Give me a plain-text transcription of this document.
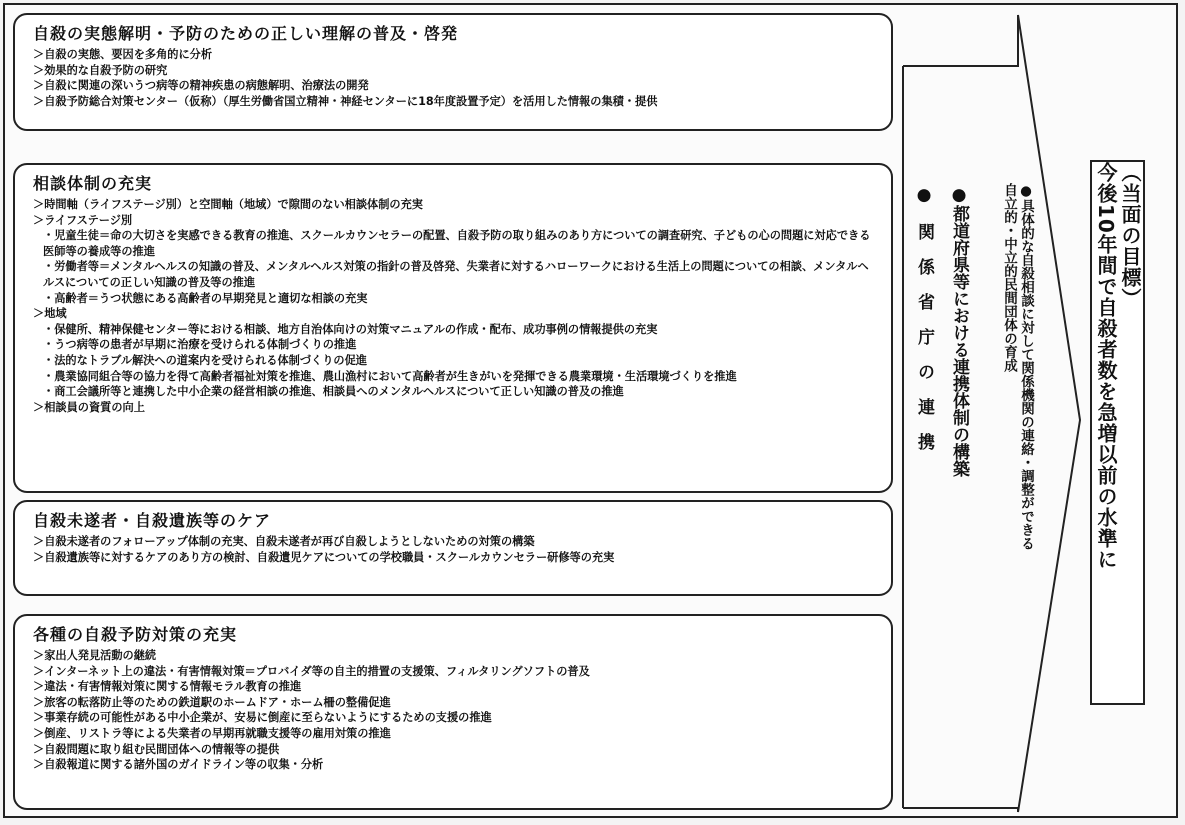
自殺の実態解明・予防のための正しい理解の普及・啓発
＞自殺の実態、要因を多角的に分析
＞効果的な自殺予防の研究
＞自殺に関連の深いうつ病等の精神疾患の病態解明、治療法の開発
＞自殺予防総合対策センター（仮称）（厚生労働省国立精神・神経センターに18年度設置予定）を活用した情報の集積・提供
相談体制の充実
＞時間軸（ライフステージ別）と空間軸（地域）で隙間のない相談体制の充実
＞ライフステージ別
・児童生徒＝命の大切さを実感できる教育の推進、スクールカウンセラーの配置、自殺予防の取り組みのあり方についての調査研究、子どもの心の問題に対応できる医師等の養成等の推進
・労働者等＝メンタルヘルスの知識の普及、メンタルヘルス対策の指針の普及啓発、失業者に対するハローワークにおける生活上の問題についての相談、メンタルヘルスについての正しい知識の普及等の推進
・高齢者＝うつ状態にある高齢者の早期発見と適切な相談の充実
＞地域
・保健所、精神保健センター等における相談、地方自治体向けの対策マニュアルの作成・配布、成功事例の情報提供の充実
・うつ病等の患者が早期に治療を受けられる体制づくりの推進
・法的なトラブル解決への道案内を受けられる体制づくりの促進
・農業協同組合等の協力を得て高齢者福祉対策を推進、農山漁村において高齢者が生きがいを発揮できる農業環境・生活環境づくりを推進
・商工会議所等と連携した中小企業の経営相談の推進、相談員へのメンタルヘルスについて正しい知識の普及の推進
＞相談員の資質の向上
自殺未遂者・自殺遺族等のケア
＞自殺未遂者のフォローアップ体制の充実、自殺未遂者が再び自殺しようとしないための対策の構築
＞自殺遺族等に対するケアのあり方の検討、自殺遺児ケアについての学校職員・スクールカウンセラー研修等の充実
各種の自殺予防対策の充実
＞家出人発見活動の継続
＞インターネット上の違法・有害情報対策＝プロバイダ等の自主的措置の支援策、フィルタリングソフトの普及
＞違法・有害情報対策に関する情報モラル教育の推進
＞旅客の転落防止等のための鉄道駅のホームドア・ホーム柵の整備促進
＞事業存続の可能性がある中小企業が、安易に倒産に至らないようにするための支援の推進
＞倒産、リストラ等による失業者の早期再就職支援等の雇用対策の推進
＞自殺問題に取り組む民間団体への情報等の提供
＞自殺報道に関する諸外国のガイドライン等の収集・分析
●関係省庁の連携 ●都道府県等における連携体制の構築	●具体的な自殺相談に対して関係機関の連絡・調整ができる
自立的・中立的民間団体の育成	（当面の目標）
今後10年間で自殺者数を急増以前の水準に
